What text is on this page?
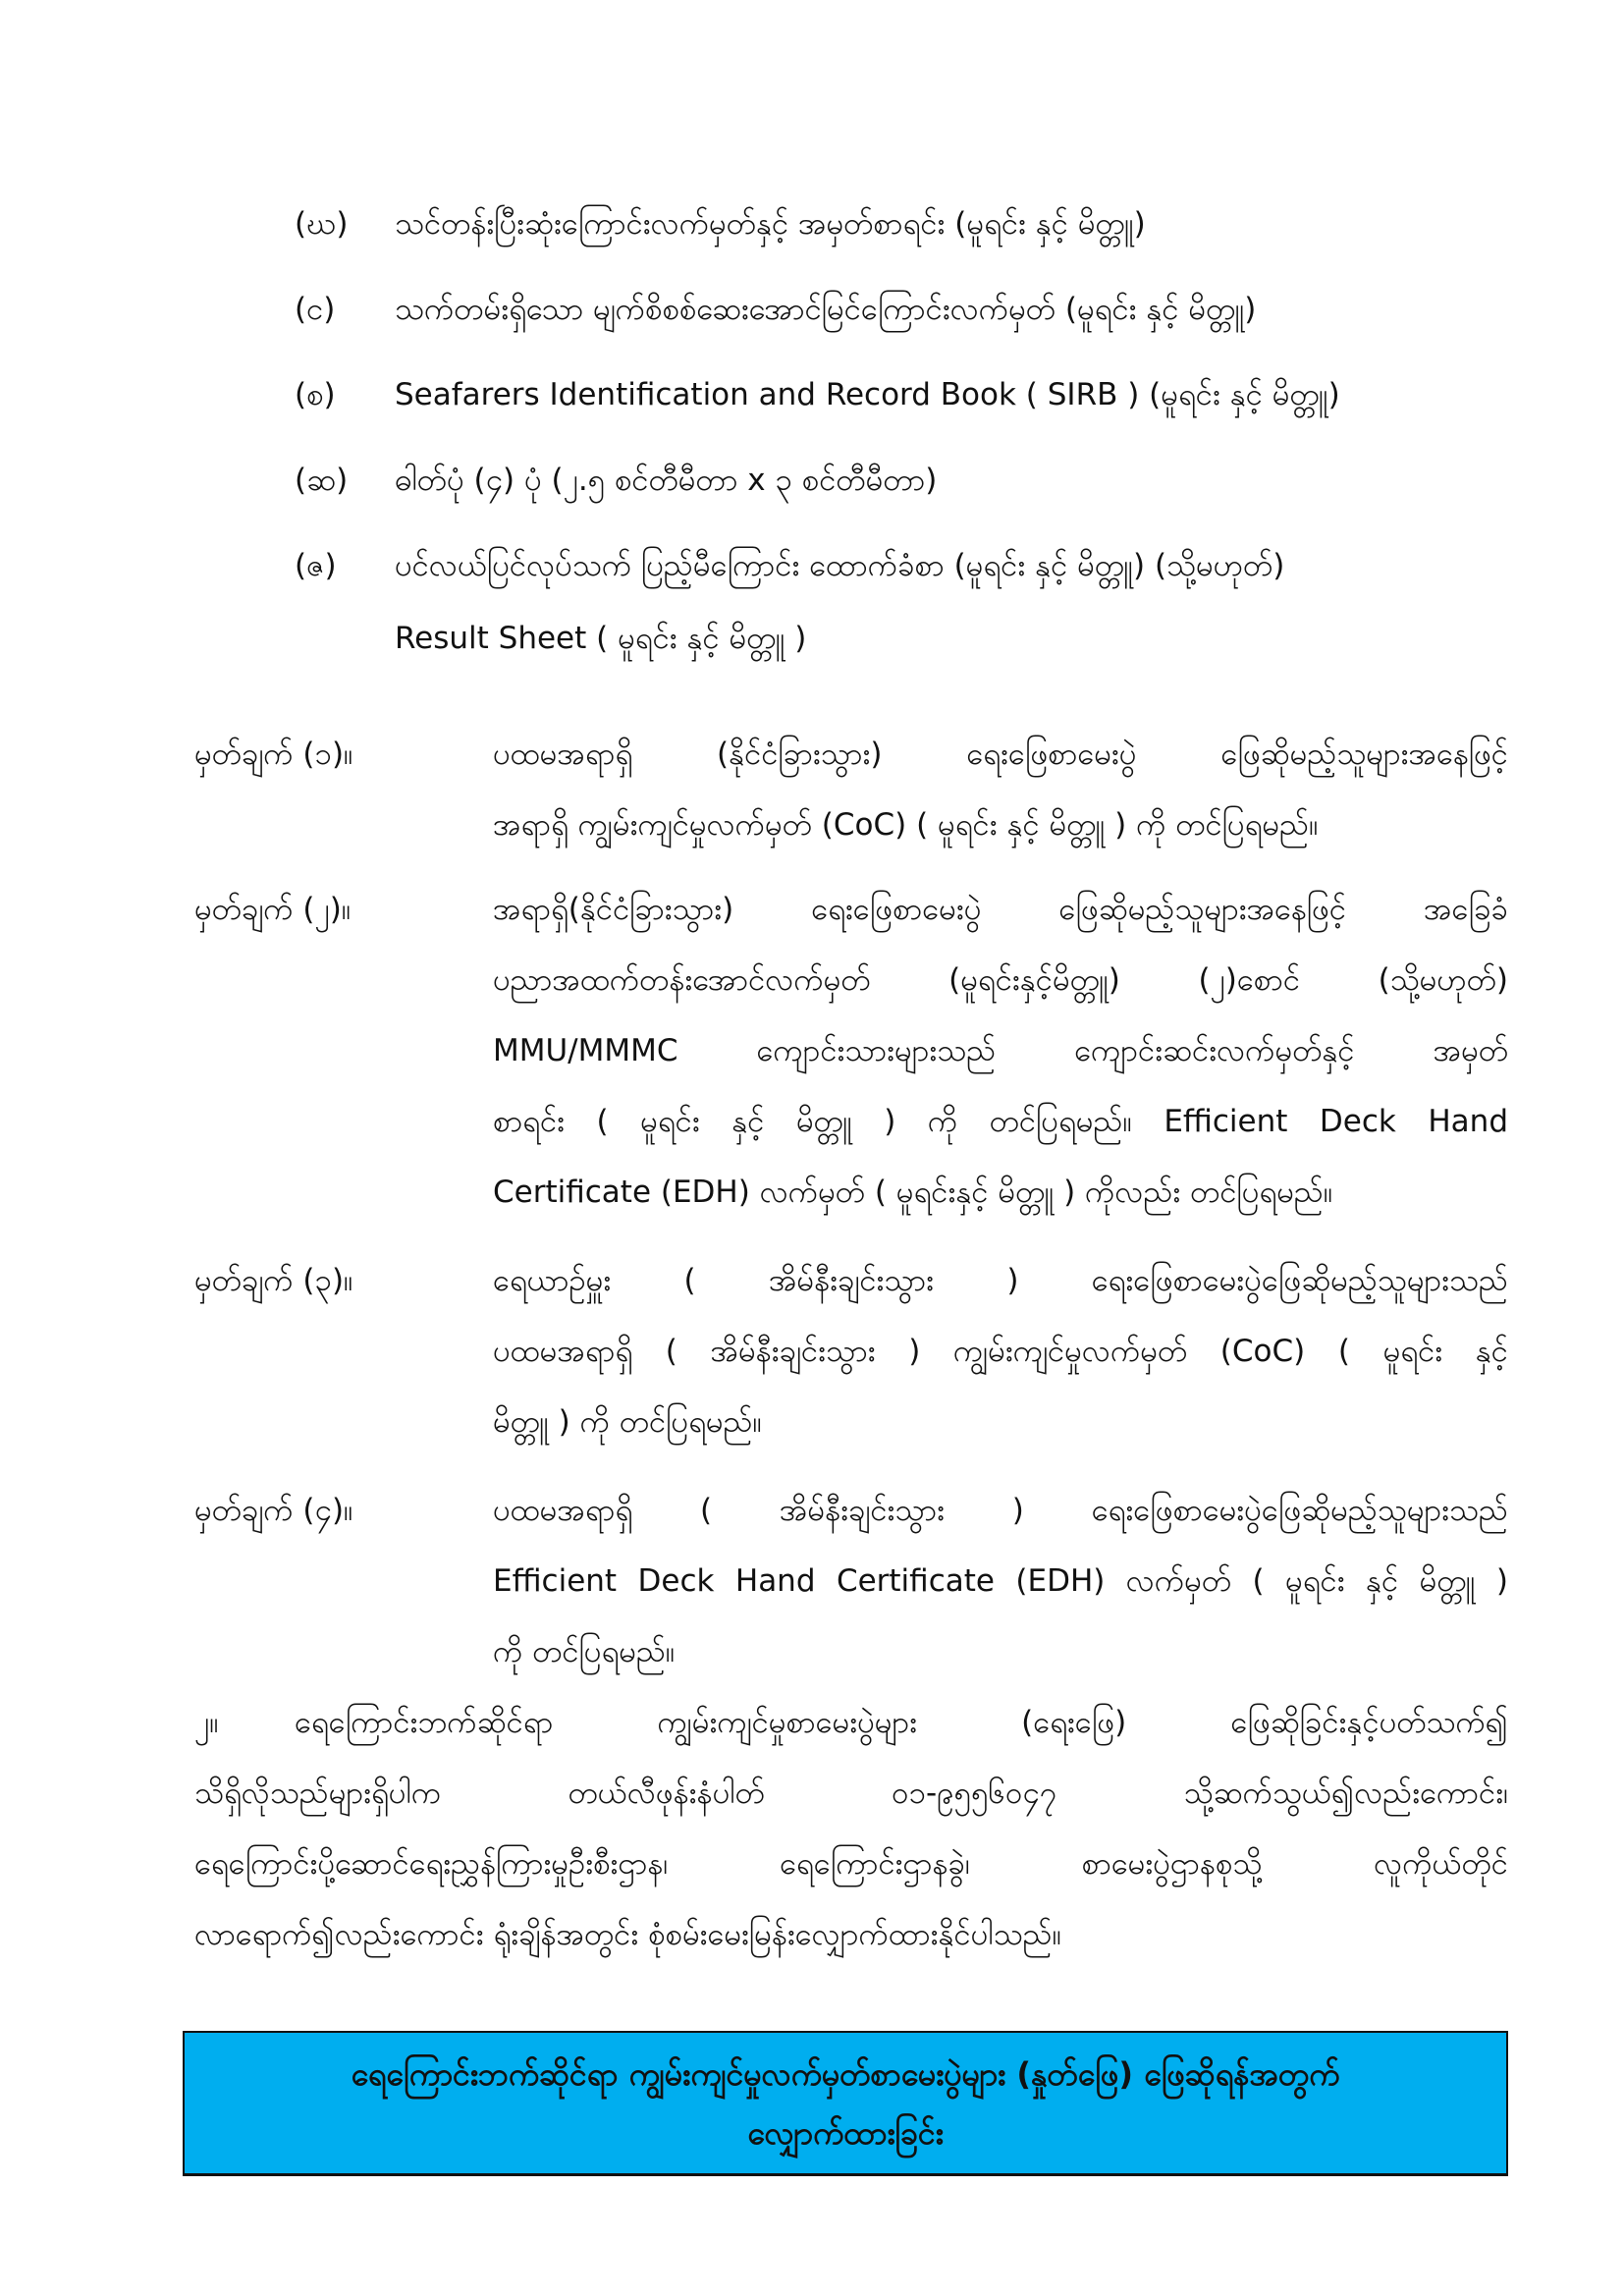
(ဃ) သင်တန်းပြီးဆုံးကြောင်းလက်မှတ်နှင့် အမှတ်စာရင်း (မူရင်း နှင့် မိတ္တူ)
(င) သက်တမ်းရှိသော မျက်စိစစ်ဆေးအောင်မြင်ကြောင်းလက်မှတ် (မူရင်း နှင့် မိတ္တူ)
(စ) Seafarers Identification and Record Book ( SIRB ) (မူရင်း နှင့် မိတ္တူ)
(ဆ) ဓါတ်ပုံ (၄) ပုံ (၂.၅ စင်တီမီတာ x ၃ စင်တီမီတာ)
(ဇ) ပင်လယ်ပြင်လုပ်သက် ပြည့်မီကြောင်း ထောက်ခံစာ (မူရင်း နှင့် မိတ္တူ) (သို့မဟုတ်)
Result Sheet ( မူရင်း နှင့် မိတ္တူ )
မှတ်ချက် (၁)။	ပထမအရာရှိ (နိုင်ငံခြားသွား) ရေးဖြေစာမေးပွဲ ဖြေဆိုမည့်သူများအနေဖြင့်
အရာရှိ ကျွမ်းကျင်မှုလက်မှတ် (CoC) ( မူရင်း နှင့် မိတ္တူ ) ကို တင်ပြရမည်။
မှတ်ချက် (၂)။	အရာရှိ(နိုင်ငံခြားသွား) ရေးဖြေစာမေးပွဲ ဖြေဆိုမည့်သူများအနေဖြင့် အခြေခံ
ပညာအထက်တန်းအောင်လက်မှတ် (မူရင်းနှင့်မိတ္တူ) (၂)စောင် (သို့မဟုတ်)
MMU/MMMC ကျောင်းသားများသည် ကျောင်းဆင်းလက်မှတ်နှင့် အမှတ်
စာရင်း ( မူရင်း နှင့် မိတ္တူ ) ကို တင်ပြရမည်။ Efficient Deck Hand
Certificate (EDH) လက်မှတ် ( မူရင်းနှင့် မိတ္တူ ) ကိုလည်း တင်ပြရမည်။
မှတ်ချက် (၃)။	ရေယာဉ်မှူး ( အိမ်နီးချင်းသွား ) ရေးဖြေစာမေးပွဲဖြေဆိုမည့်သူများသည်
ပထမအရာရှိ ( အိမ်နီးချင်းသွား ) ကျွမ်းကျင်မှုလက်မှတ် (CoC) ( မူရင်း နှင့်
မိတ္တူ ) ကို တင်ပြရမည်။
မှတ်ချက် (၄)။	ပထမအရာရှိ ( အိမ်နီးချင်းသွား ) ရေးဖြေစာမေးပွဲဖြေဆိုမည့်သူများသည်
Efficient Deck Hand Certificate (EDH) လက်မှတ် ( မူရင်း နှင့် မိတ္တူ )
ကို တင်ပြရမည်။
၂။ ရေကြောင်းဘက်ဆိုင်ရာ ကျွမ်းကျင်မှုစာမေးပွဲများ (ရေးဖြေ) ဖြေဆိုခြင်းနှင့်ပတ်သက်၍
သိရှိလိုသည်များရှိပါက တယ်လီဖုန်းနံပါတ် ၀၁-၉၅၅၆၀၄၇ သို့ဆက်သွယ်၍လည်းကောင်း၊
ရေကြောင်းပို့ဆောင်ရေးညွှန်ကြားမှုဦးစီးဌာန၊ ရေကြောင်းဌာနခွဲ၊ စာမေးပွဲဌာနစုသို့ လူကိုယ်တိုင်
လာရောက်၍လည်းကောင်း ရုံးချိန်အတွင်း စုံစမ်းမေးမြန်းလျှောက်ထားနိုင်ပါသည်။
ရေကြောင်းဘက်ဆိုင်ရာ ကျွမ်းကျင်မှုလက်မှတ်စာမေးပွဲများ (နှုတ်ဖြေ) ဖြေဆိုရန်အတွက်
လျှောက်ထားခြင်း
